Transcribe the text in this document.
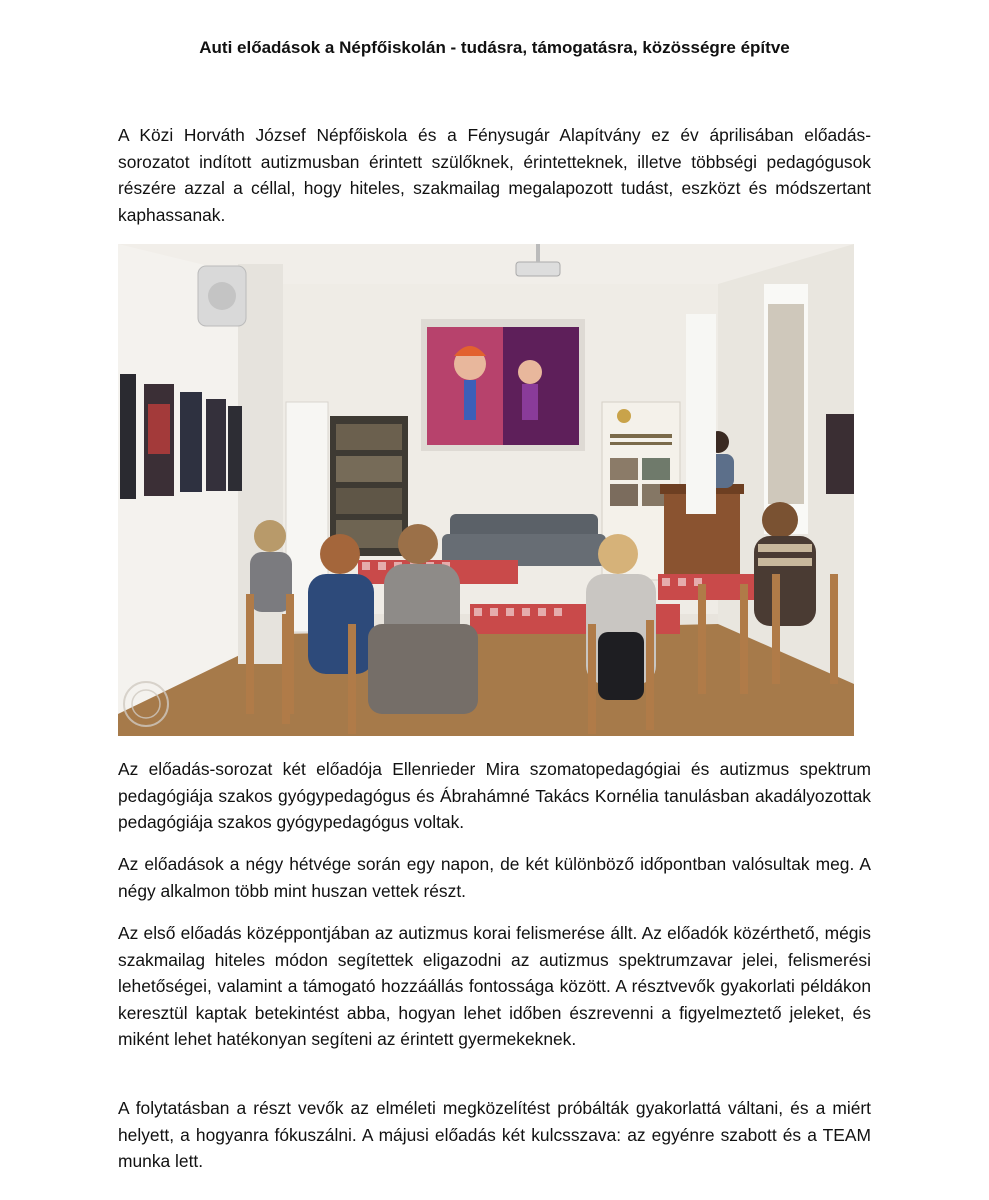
Auti előadások a Népfőiskolán - tudásra, támogatásra, közösségre építve

A Közi Horváth József Népfőiskola és a Fénysugár Alapítvány ez év áprilisában előadás-sorozatot indított autizmusban érintett szülőknek, érintetteknek, illetve többségi pedagógusok részére azzal a céllal, hogy hiteles, szakmailag megalapozott tudást, eszközt és módszertant kaphassanak.

Az előadás-sorozat két előadója Ellenrieder Mira szomatopedagógiai és autizmus spektrum pedagógiája szakos gyógypedagógus és Ábrahámné Takács Kornélia tanulásban akadályozottak pedagógiája szakos gyógypedagógus voltak.

Az előadások a négy hétvége során egy napon, de két különböző időpontban valósultak meg. A négy alkalmon több mint huszan vettek részt.

Az első előadás középpontjában az autizmus korai felismerése állt. Az előadók közérthető, mégis szakmailag hiteles módon segítettek eligazodni az autizmus spektrumzavar jelei, felismerési lehetőségei, valamint a támogató hozzáállás fontossága között. A résztvevők gyakorlati példákon keresztül kaptak betekintést abba, hogyan lehet időben észrevenni a figyelmeztető jeleket, és miként lehet hatékonyan segíteni az érintett gyermekeknek.

A folytatásban a részt vevők az elméleti megközelítést próbálták gyakorlattá váltani, és a miért helyett, a hogyanra fókuszálni. A májusi előadás két kulcsszava: az egyénre szabott és a TEAM munka lett.
